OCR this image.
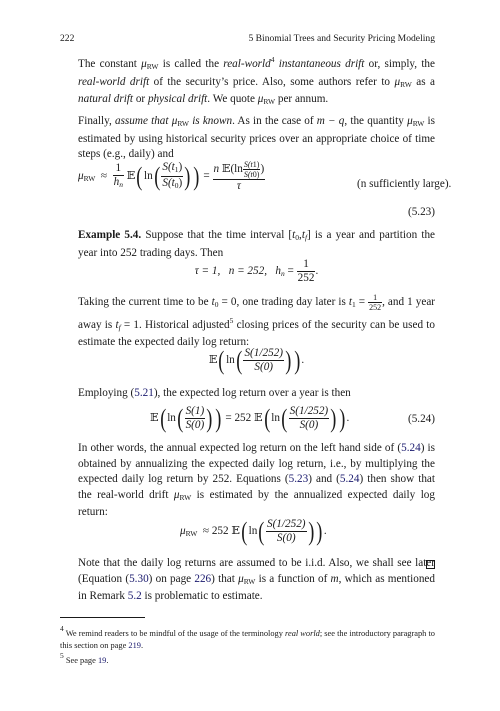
222	5 Binomial Trees and Security Pricing Modeling

The constant $\mu_{RW}$ is called the real-world$^4$ instantaneous drift or, simply, the real-world drift of the security’s price. Also, some authors refer to $\mu_{RW}$ as a natural drift or physical drift. We quote $\mu_{RW}$ per annum.

Finally, assume that $\mu_{RW}$ is known. As in the case of m − q, the quantity $\mu_{RW}$ is estimated by using historical security prices over an appropriate choice of time steps (e.g., daily) and

$\mu_{RW} \approx \frac{1}{h_n}$ 𝔼(ln( $\frac{S(t_1)}{S(t_0)}$ ) ) = $\frac{n 𝔼(\ln \frac{S(t1)}{S(t0)} )}{\tau}$	(n sufficiently large).
(5.23)

Example 5.4. Suppose that the time interval $[t_0,t_f]$ is a year and partition the year into 252 trading days. Then

τ = 1, n = 252, $h_n = \frac{1}{252}$ .

Taking the current time to be $t_0 = 0$, one trading day later is $t_1 = \frac{1}{252}$ , and 1 year away is $t_f = 1$. Historical adjusted$^5$ closing prices of the security can be used to estimate the expected daily log return:

𝔼(ln( $\frac{S(1/252)}{S(0)}$ ) ).

Employing (5.21), the expected log return over a year is then

𝔼(ln( $\frac{S(1)}{S(0)}$ ) ) = 252 𝔼(ln( $\frac{S(1/252)}{S(0)}$ ) ).	(5.24)

In other words, the annual expected log return on the left hand side of (5.24) is obtained by annualizing the expected daily log return, i.e., by multiplying the expected daily log return by 252. Equations (5.23) and (5.24) then show that the real-world drift $\mu_{RW}$ is estimated by the annualized expected daily log return:

$\mu_{RW} \approx 252$ 𝔼(ln( $\frac{S(1/252)}{S(0)}$ ) ).

Note that the daily log returns are assumed to be i.i.d. Also, we shall see later (Equation (5.30) on page 226) that $\mu_{RW}$ is a function of m, which as mentioned in Remark 5.2 is problematic to estimate.

4 We remind readers to be mindful of the usage of the terminology real world; see the introductory paragraph to this section on page 219.
5 See page 19.
